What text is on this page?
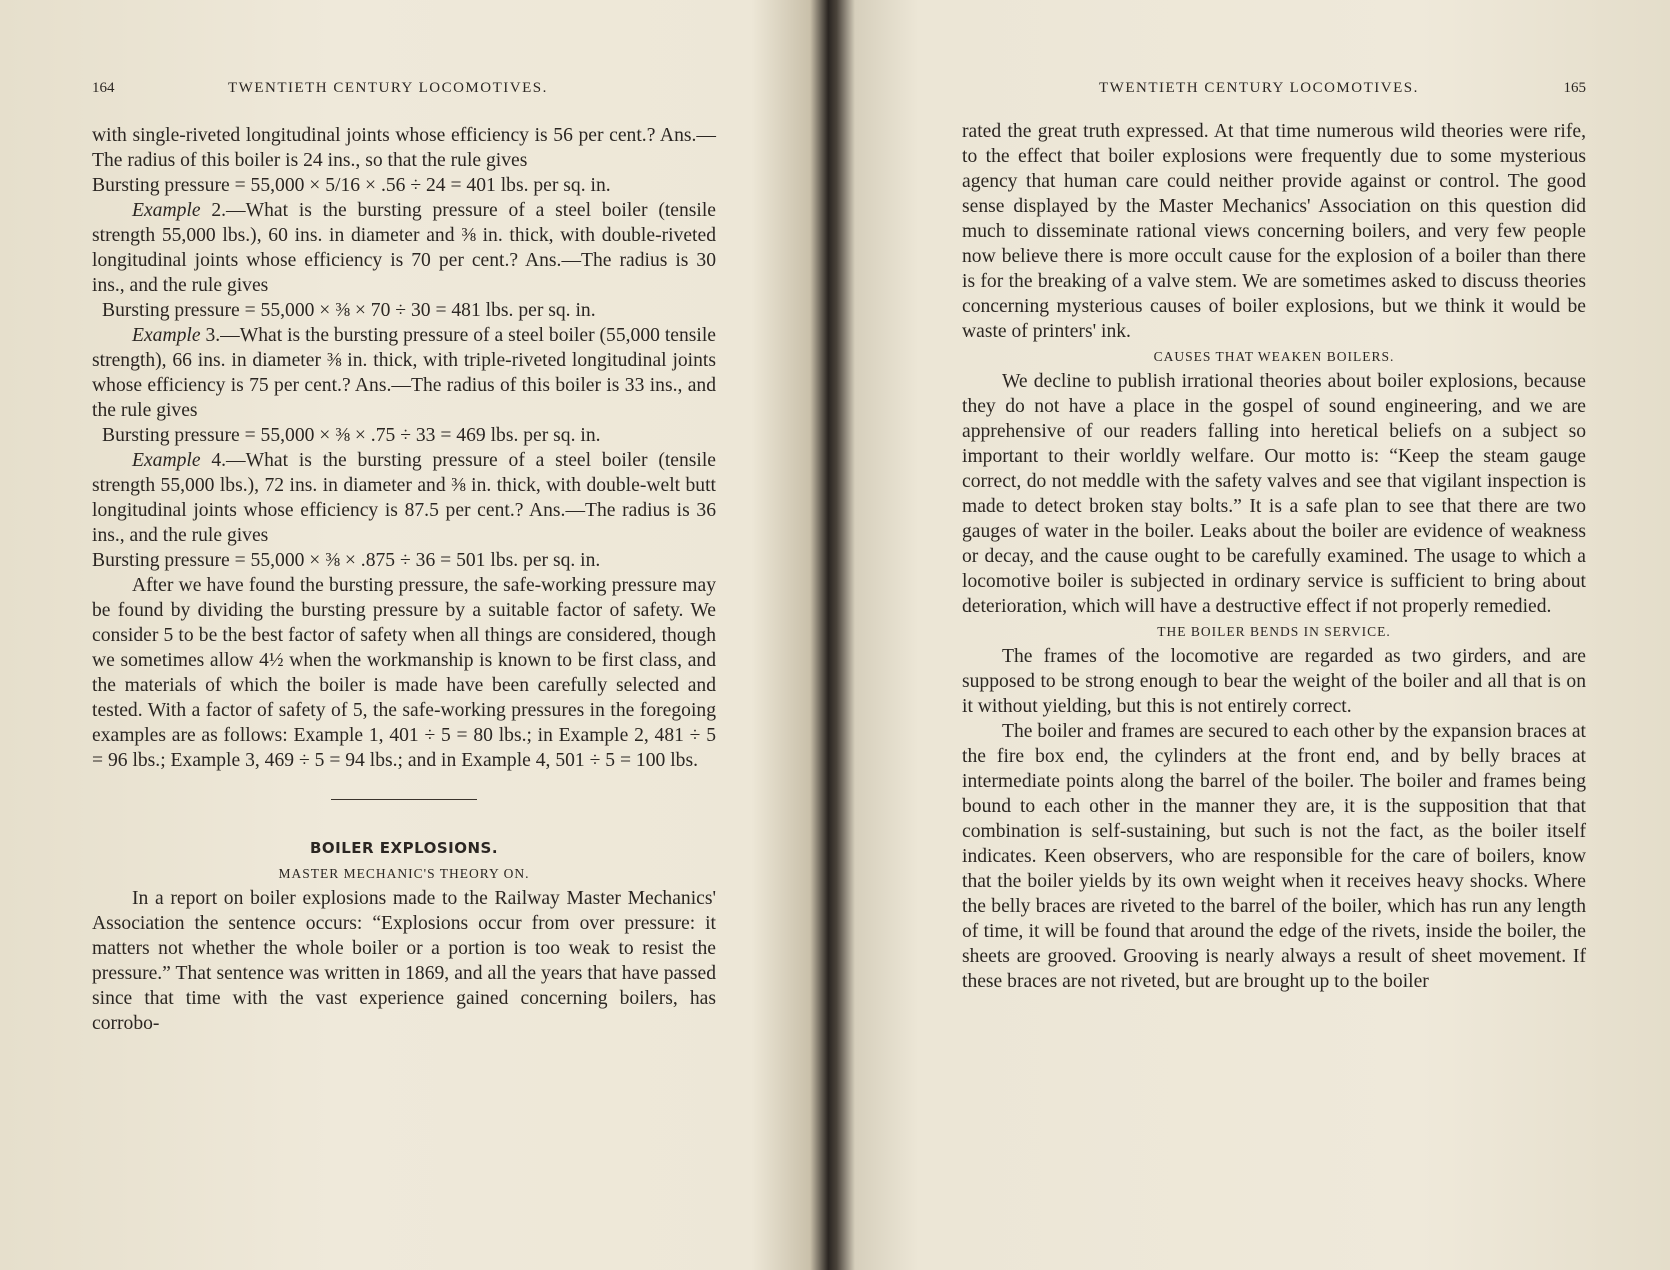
164	TWENTIETH CENTURY LOCOMOTIVES.

with single-riveted longitudinal joints whose efficiency is 56 per cent.? Ans.—The radius of this boiler is 24 ins., so that the rule gives

Bursting pressure = 55,000 × 5/16 × .56 ÷ 24 = 401 lbs. per sq. in.

Example 2.—What is the bursting pressure of a steel boiler (tensile strength 55,000 lbs.), 60 ins. in diameter and ⅜ in. thick, with double-riveted longitudinal joints whose efficiency is 70 per cent.? Ans.—The radius is 30 ins., and the rule gives

Bursting pressure = 55,000 × ⅜ × 70 ÷ 30 = 481 lbs. per sq. in.

Example 3.—What is the bursting pressure of a steel boiler (55,000 tensile strength), 66 ins. in diameter ⅜ in. thick, with triple-riveted longitudinal joints whose efficiency is 75 per cent.? Ans.—The radius of this boiler is 33 ins., and the rule gives

Bursting pressure = 55,000 × ⅜ × .75 ÷ 33 = 469 lbs. per sq. in.

Example 4.—What is the bursting pressure of a steel boiler (tensile strength 55,000 lbs.), 72 ins. in diameter and ⅜ in. thick, with double-welt butt longitudinal joints whose efficiency is 87.5 per cent.? Ans.—The radius is 36 ins., and the rule gives

Bursting pressure = 55,000 × ⅜ × .875 ÷ 36 = 501 lbs. per sq. in.

After we have found the bursting pressure, the safe-working pressure may be found by dividing the bursting pressure by a suitable factor of safety. We consider 5 to be the best factor of safety when all things are considered, though we sometimes allow 4½ when the workmanship is known to be first class, and the materials of which the boiler is made have been carefully selected and tested. With a factor of safety of 5, the safe-working pressures in the foregoing examples are as follows: Example 1, 401 ÷ 5 = 80 lbs.; in Example 2, 481 ÷ 5 = 96 lbs.; Example 3, 469 ÷ 5 = 94 lbs.; and in Example 4, 501 ÷ 5 = 100 lbs.

BOILER EXPLOSIONS.

MASTER MECHANIC'S THEORY ON.

In a report on boiler explosions made to the Railway Master Mechanics' Association the sentence occurs: “Explosions occur from over pressure: it matters not whether the whole boiler or a portion is too weak to resist the pressure.” That sentence was written in 1869, and all the years that have passed since that time with the vast experience gained concerning boilers, has corrobo-

TWENTIETH CENTURY LOCOMOTIVES.	165

rated the great truth expressed. At that time numerous wild theories were rife, to the effect that boiler explosions were frequently due to some mysterious agency that human care could neither provide against or control. The good sense displayed by the Master Mechanics' Association on this question did much to disseminate rational views concerning boilers, and very few people now believe there is more occult cause for the explosion of a boiler than there is for the breaking of a valve stem. We are sometimes asked to discuss theories concerning mysterious causes of boiler explosions, but we think it would be waste of printers' ink.

CAUSES THAT WEAKEN BOILERS.

We decline to publish irrational theories about boiler explosions, because they do not have a place in the gospel of sound engineering, and we are apprehensive of our readers falling into heretical beliefs on a subject so important to their worldly welfare. Our motto is: “Keep the steam gauge correct, do not meddle with the safety valves and see that vigilant inspection is made to detect broken stay bolts.” It is a safe plan to see that there are two gauges of water in the boiler. Leaks about the boiler are evidence of weakness or decay, and the cause ought to be carefully examined. The usage to which a locomotive boiler is subjected in ordinary service is sufficient to bring about deterioration, which will have a destructive effect if not properly remedied.

THE BOILER BENDS IN SERVICE.

The frames of the locomotive are regarded as two girders, and are supposed to be strong enough to bear the weight of the boiler and all that is on it without yielding, but this is not entirely correct.

The boiler and frames are secured to each other by the expansion braces at the fire box end, the cylinders at the front end, and by belly braces at intermediate points along the barrel of the boiler. The boiler and frames being bound to each other in the manner they are, it is the supposition that that combination is self-sustaining, but such is not the fact, as the boiler itself indicates. Keen observers, who are responsible for the care of boilers, know that the boiler yields by its own weight when it receives heavy shocks. Where the belly braces are riveted to the barrel of the boiler, which has run any length of time, it will be found that around the edge of the rivets, inside the boiler, the sheets are grooved. Grooving is nearly always a result of sheet movement. If these braces are not riveted, but are brought up to the boiler
